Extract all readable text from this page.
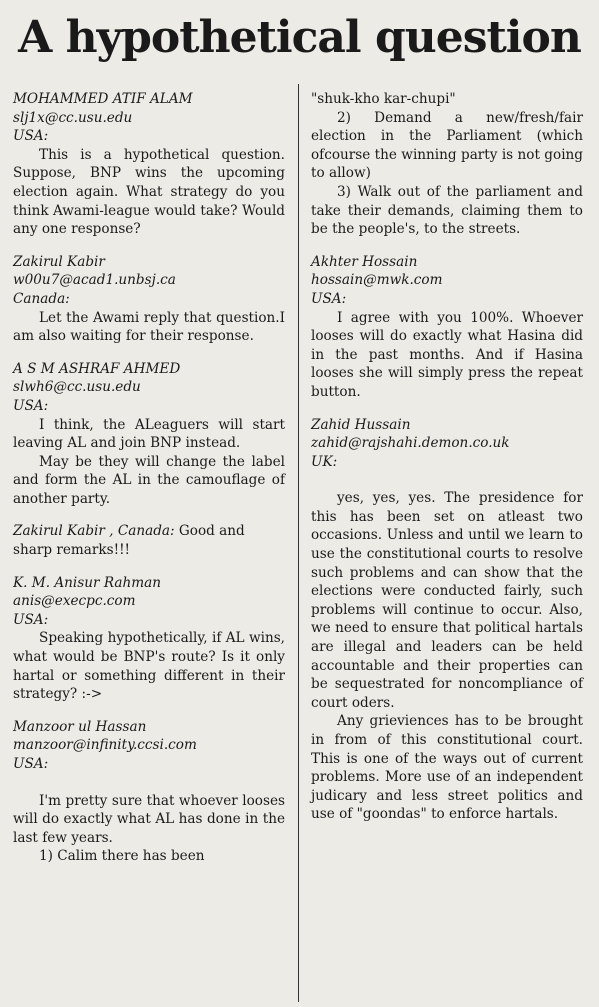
A hypothetical question
MOHAMMED ATIF ALAM
slj1x@cc.usu.edu
USA:
This is a hypothetical question. Suppose, BNP wins the upcoming election again. What strategy do you think Awami-league would take? Would any one response?
Zakirul Kabir
w00u7@acad1.unbsj.ca
Canada:
Let the Awami reply that question.I am also waiting for their response.
A S M ASHRAF AHMED
slwh6@cc.usu.edu
USA:
I think, the ALeaguers will start leaving AL and join BNP instead.
May be they will change the label and form the AL in the camouflage of another party.
Zakirul Kabir , Canada: Good and sharp remarks!!!
K. M. Anisur Rahman
anis@execpc.com
USA:
Speaking hypothetically, if AL wins, what would be BNP's route? Is it only hartal or something different in their strategy? :->
Manzoor ul Hassan
manzoor@infinity.ccsi.com
USA:
I'm pretty sure that whoever looses will do exactly what AL has done in the last few years.
1) Calim there has been
"shuk-kho kar-chupi"
2) Demand a new/fresh/fair election in the Parliament (which ofcourse the winning party is not going to allow)
3) Walk out of the parliament and take their demands, claiming them to be the people's, to the streets.
Akhter Hossain
hossain@mwk.com
USA:
I agree with you 100%. Whoever looses will do exactly what Hasina did in the past months. And if Hasina looses she will simply press the repeat button.
Zahid Hussain
zahid@rajshahi.demon.co.uk
UK:
yes, yes, yes. The presidence for this has been set on atleast two occasions. Unless and until we learn to use the constitutional courts to resolve such problems and can show that the elections were conducted fairly, such problems will continue to occur. Also, we need to ensure that political hartals are illegal and leaders can be held accountable and their properties can be sequestrated for noncompliance of court oders.
Any grieviences has to be brought in from of this constitutional court. This is one of the ways out of current problems. More use of an independent judicary and less street politics and use of "goondas" to enforce hartals.
